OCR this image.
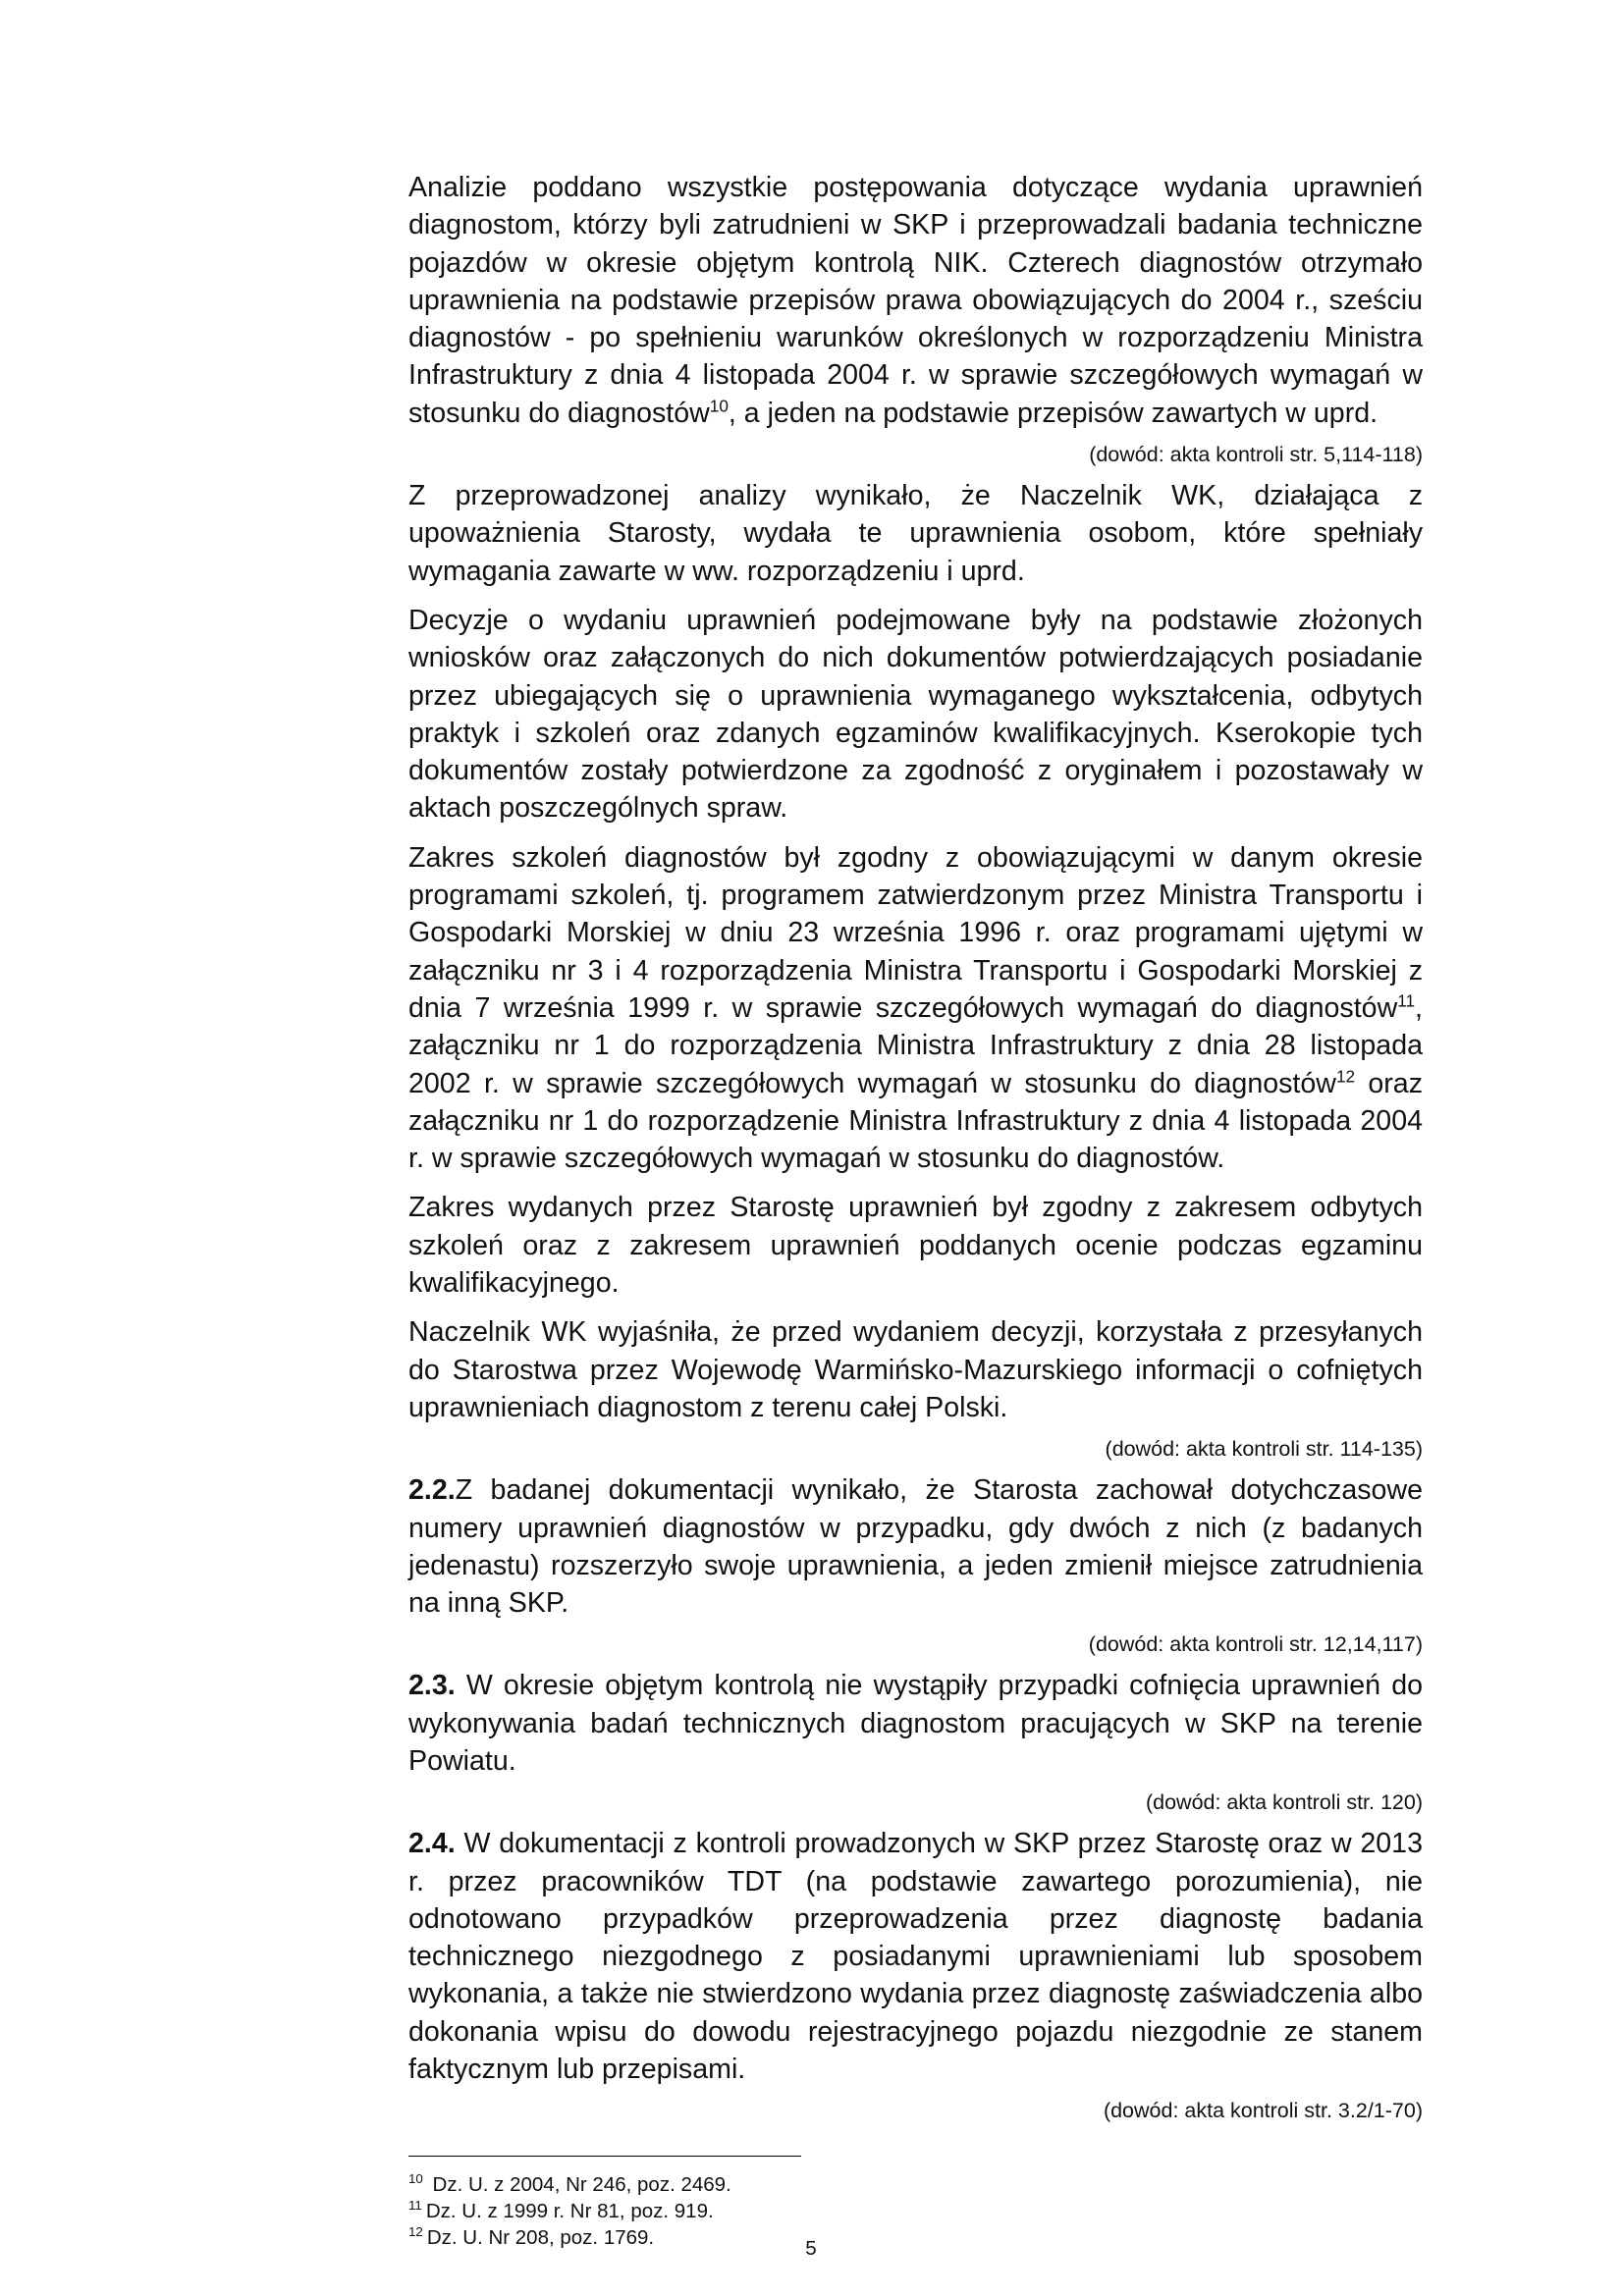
Analizie poddano wszystkie postępowania dotyczące wydania uprawnień diagnostom, którzy byli zatrudnieni w SKP i przeprowadzali badania techniczne pojazdów w okresie objętym kontrolą NIK. Czterech diagnostów otrzymało uprawnienia na podstawie przepisów prawa obowiązujących do 2004 r., sześciu diagnostów - po spełnieniu warunków określonych w rozporządzeniu Ministra Infrastruktury z dnia 4 listopada 2004 r. w sprawie szczegółowych wymagań w stosunku do diagnostów$^{10}$, a jeden na podstawie przepisów zawartych w uprd.

(dowód: akta kontroli str. 5,114-118)

Z przeprowadzonej analizy wynikało, że Naczelnik WK, działająca z upoważnienia Starosty, wydała te uprawnienia osobom, które spełniały wymagania zawarte w ww. rozporządzeniu i uprd.

Decyzje o wydaniu uprawnień podejmowane były na podstawie złożonych wniosków oraz załączonych do nich dokumentów potwierdzających posiadanie przez ubiegających się o uprawnienia wymaganego wykształcenia, odbytych praktyk i szkoleń oraz zdanych egzaminów kwalifikacyjnych. Kserokopie tych dokumentów zostały potwierdzone za zgodność z oryginałem i pozostawały w aktach poszczególnych spraw.

Zakres szkoleń diagnostów był zgodny z obowiązującymi w danym okresie programami szkoleń, tj. programem zatwierdzonym przez Ministra Transportu i Gospodarki Morskiej w dniu 23 września 1996 r. oraz programami ujętymi w załączniku nr 3 i 4 rozporządzenia Ministra Transportu i Gospodarki Morskiej z dnia 7 września 1999 r. w sprawie szczegółowych wymagań do diagnostów$^{11}$, załączniku nr 1 do rozporządzenia Ministra Infrastruktury z dnia 28 listopada 2002 r. w sprawie szczegółowych wymagań w stosunku do diagnostów$^{12}$ oraz załączniku nr 1 do rozporządzenie Ministra Infrastruktury z dnia 4 listopada 2004 r. w sprawie szczegółowych wymagań w stosunku do diagnostów.

Zakres wydanych przez Starostę uprawnień był zgodny z zakresem odbytych szkoleń oraz z zakresem uprawnień poddanych ocenie podczas egzaminu kwalifikacyjnego.

Naczelnik WK wyjaśniła, że przed wydaniem decyzji, korzystała z przesyłanych do Starostwa przez Wojewodę Warmińsko-Mazurskiego informacji o cofniętych uprawnieniach diagnostom z terenu całej Polski.

(dowód: akta kontroli str. 114-135)

2.2.Z badanej dokumentacji wynikało, że Starosta zachował dotychczasowe numery uprawnień diagnostów w przypadku, gdy dwóch z nich (z badanych jedenastu) rozszerzyło swoje uprawnienia, a jeden zmienił miejsce zatrudnienia na inną SKP.

(dowód: akta kontroli str. 12,14,117)

2.3. W okresie objętym kontrolą nie wystąpiły przypadki cofnięcia uprawnień do wykonywania badań technicznych diagnostom pracujących w SKP na terenie Powiatu.

(dowód: akta kontroli str. 120)

2.4. W dokumentacji z kontroli prowadzonych w SKP przez Starostę oraz w 2013 r. przez pracowników TDT (na podstawie zawartego porozumienia), nie odnotowano przypadków przeprowadzenia przez diagnostę badania technicznego niezgodnego z posiadanymi uprawnieniami lub sposobem wykonania, a także nie stwierdzono wydania przez diagnostę zaświadczenia albo dokonania wpisu do dowodu rejestracyjnego pojazdu niezgodnie ze stanem faktycznym lub przepisami.

(dowód: akta kontroli str. 3.2/1-70)

$^{10}$ Dz. U. z 2004, Nr 246, poz. 2469.

$^{11}$ Dz. U. z 1999 r. Nr 81, poz. 919.

$^{12}$ Dz. U. Nr 208, poz. 1769.	5
